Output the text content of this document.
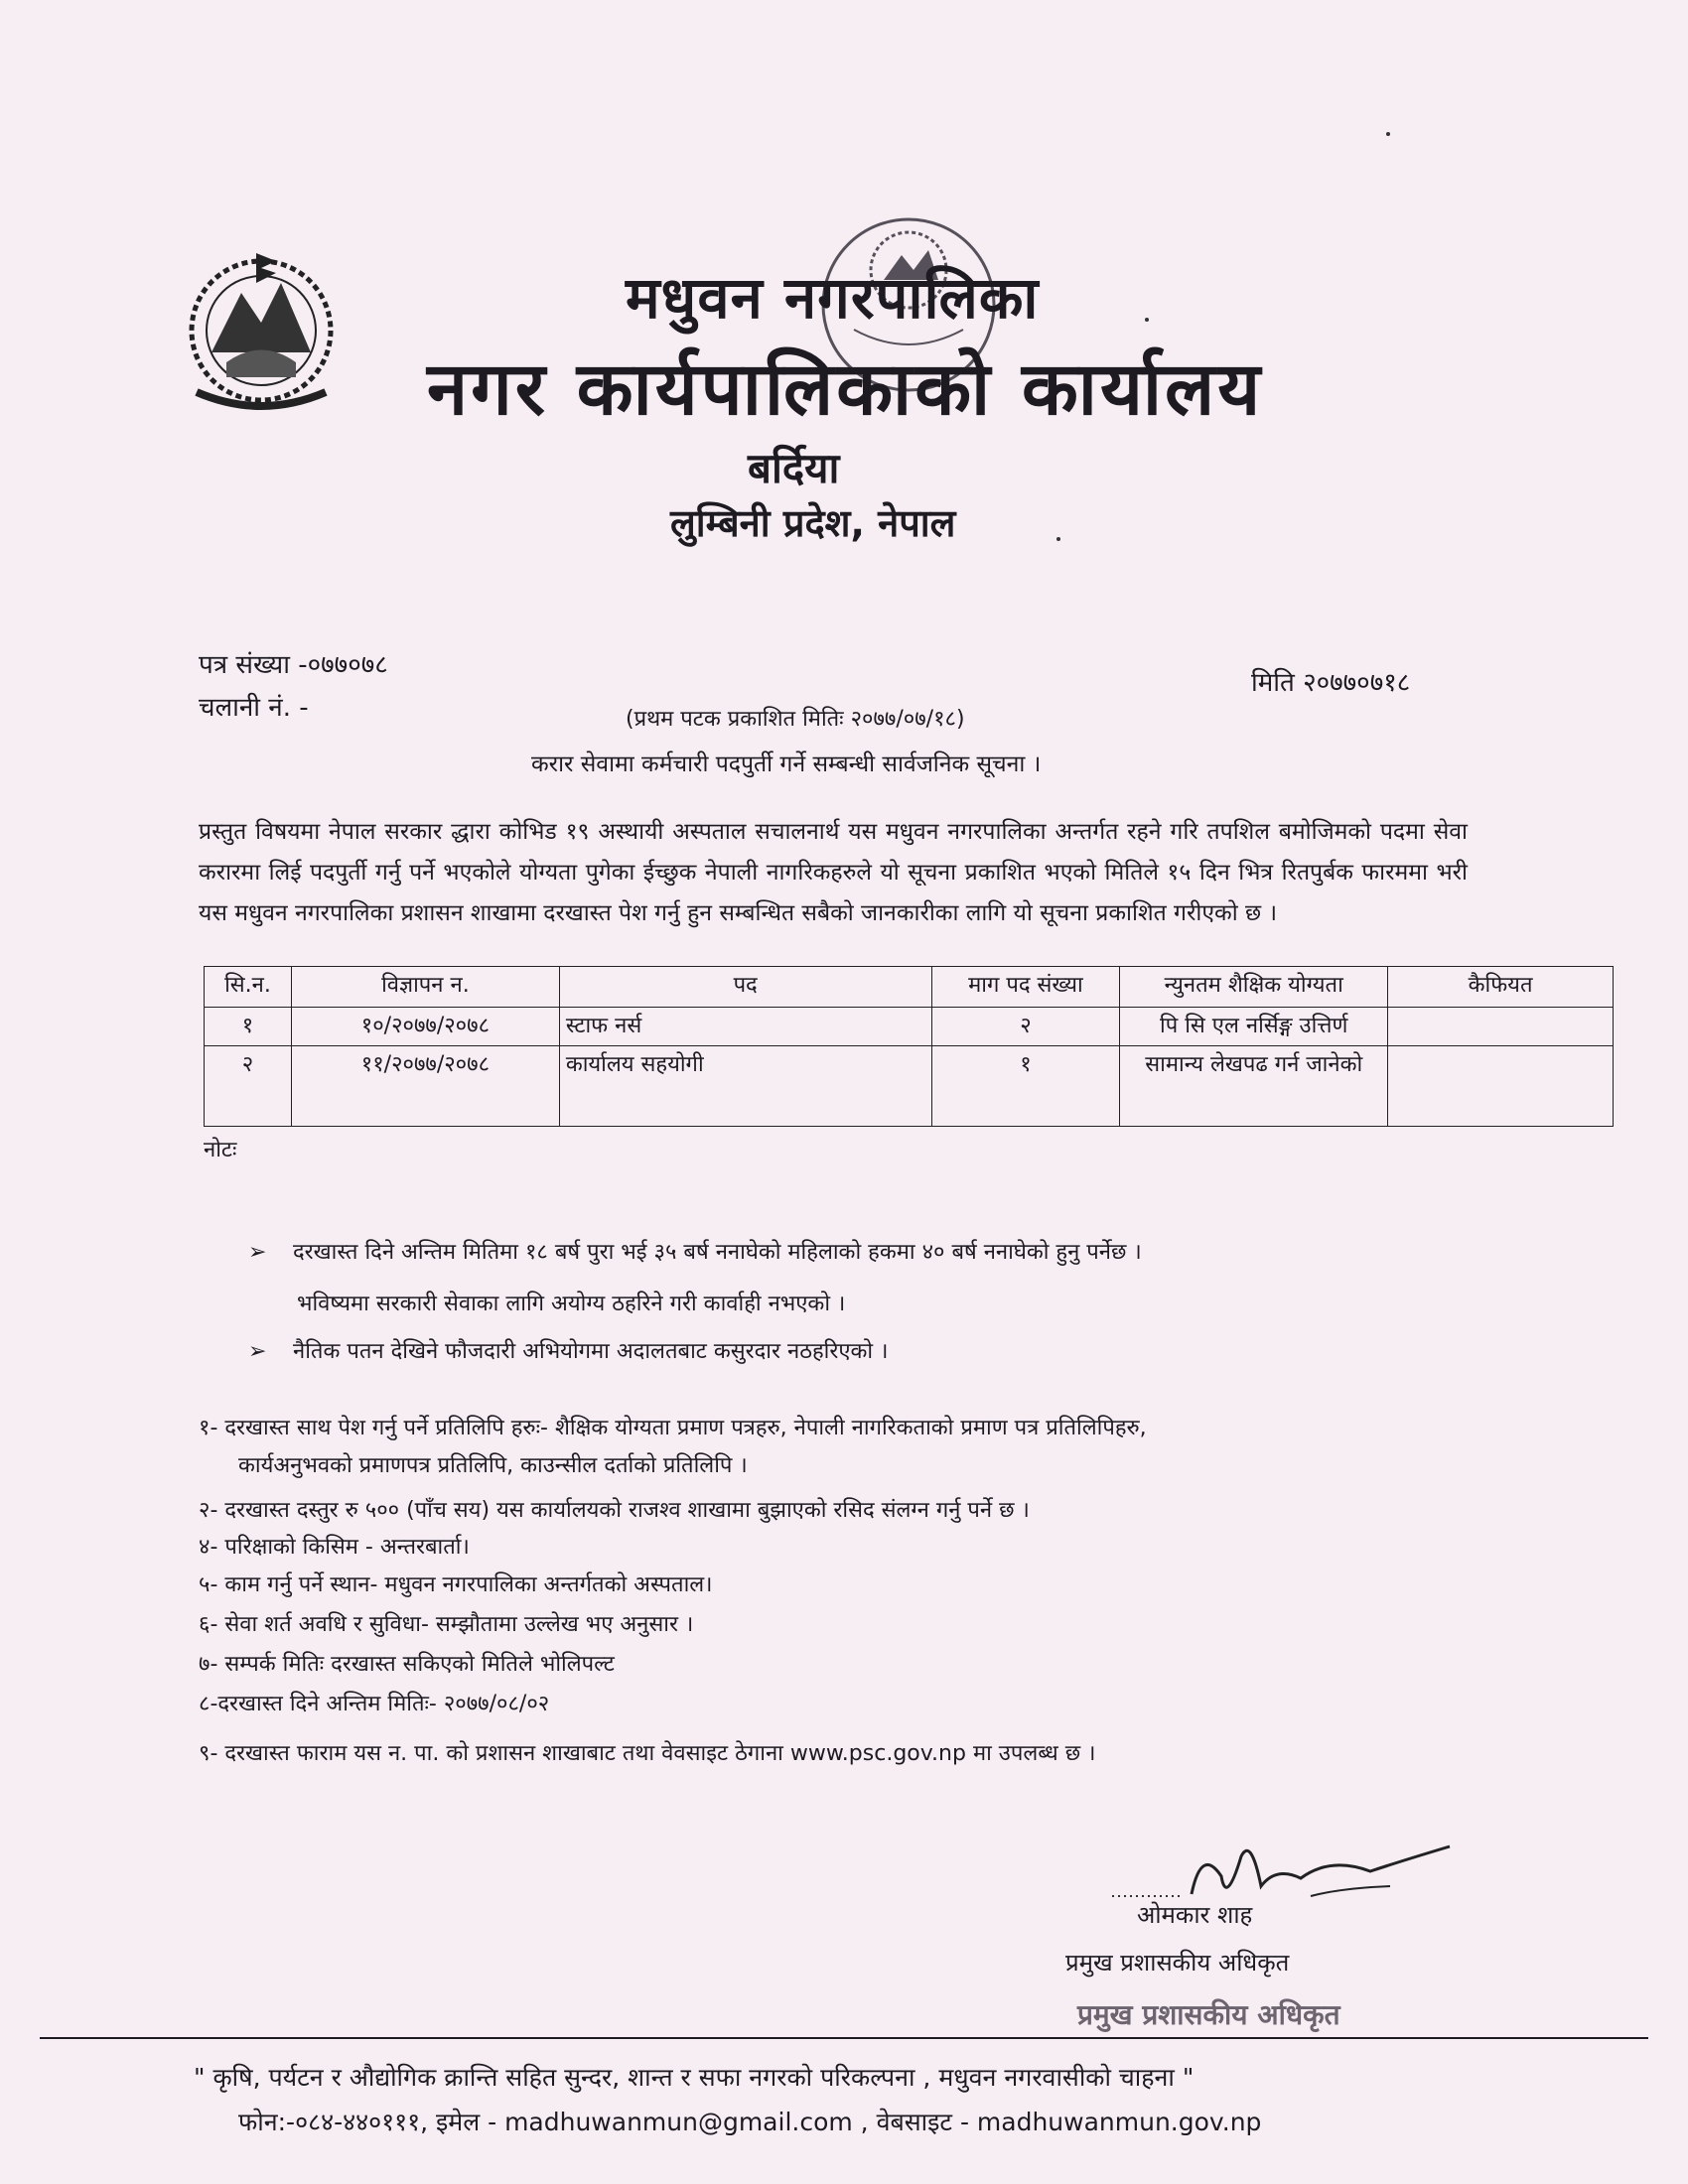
मधुवन नगरपालिका
नगर कार्यपालिकाको कार्यालय
बर्दिया
लुम्बिनी प्रदेश, नेपाल
पत्र संख्या -०७७०७८
चलानी नं. -
मिति २०७७०७१८
(प्रथम पटक प्रकाशित मितिः २०७७/०७/१८)
करार सेवामा कर्मचारी पदपुर्ती गर्ने सम्बन्धी सार्वजनिक सूचना ।
प्रस्तुत विषयमा नेपाल सरकार द्धारा कोभिड १९ अस्थायी अस्पताल सचालनार्थ यस मधुवन नगरपालिका अन्तर्गत रहने गरि तपशिल बमोजिमको पदमा सेवा करारमा लिई पदपुर्ती गर्नु पर्ने भएकोले योग्यता पुगेका ईच्छुक नेपाली नागरिकहरुले यो सूचना प्रकाशित भएको मितिले १५ दिन भित्र रितपुर्बक फारममा भरी यस मधुवन नगरपालिका प्रशासन शाखामा दरखास्त पेश गर्नु हुन सम्बन्धित सबैको जानकारीका लागि यो सूचना प्रकाशित गरीएको छ ।
सि.न.	विज्ञापन न.	पद	माग पद संख्या	न्युनतम शैक्षिक योग्यता	कैफियत
१	१०/२०७७/२०७८	स्टाफ नर्स	२	पि सि एल नर्सिङ्ग उत्तिर्ण	
२	११/२०७७/२०७८	कार्यालय सहयोगी	१	सामान्य लेखपढ गर्न जानेको	
नोटः
➢ दरखास्त दिने अन्तिम मितिमा १८ बर्ष पुरा भई ३५ बर्ष ननाघेको महिलाको हकमा ४० बर्ष ननाघेको हुनु पर्नेछ ।
भविष्यमा सरकारी सेवाका लागि अयोग्य ठहरिने गरी कार्वाही नभएको ।
➢ नैतिक पतन देखिने फौजदारी अभियोगमा अदालतबाट कसुरदार नठहरिएको ।
१- दरखास्त साथ पेश गर्नु पर्ने प्रतिलिपि हरुः- शैक्षिक योग्यता प्रमाण पत्रहरु, नेपाली नागरिकताको प्रमाण पत्र प्रतिलिपिहरु,
कार्यअनुभवको प्रमाणपत्र प्रतिलिपि, काउन्सील दर्ताको प्रतिलिपि ।
२- दरखास्त दस्तुर रु ५०० (पाँच सय) यस कार्यालयको राजश्व शाखामा बुझाएको रसिद संलग्न गर्नु पर्ने छ ।
४- परिक्षाको किसिम - अन्तरबार्ता।
५- काम गर्नु पर्ने स्थान- मधुवन नगरपालिका अन्तर्गतको अस्पताल।
६- सेवा शर्त अवधि र सुविधा- सम्झौतामा उल्लेख भए अनुसार ।
७- सम्पर्क मितिः दरखास्त सकिएको मितिले भोलिपल्ट
८-दरखास्त दिने अन्तिम मितिः- २०७७/०८/०२
९- दरखास्त फाराम यस न. पा. को प्रशासन शाखाबाट तथा वेवसाइट ठेगाना www.psc.gov.np मा उपलब्ध छ ।
ओमकार शाह
प्रमुख प्रशासकीय अधिकृत
प्रमुख प्रशासकीय अधिकृत
" कृषि, पर्यटन र औद्योगिक क्रान्ति सहित सुन्दर, शान्त र सफा नगरको परिकल्पना , मधुवन नगरवासीको चाहना "
फोन:-०८४-४४०१११, इमेल - madhuwanmun@gmail.com , वेबसाइट - madhuwanmun.gov.np
